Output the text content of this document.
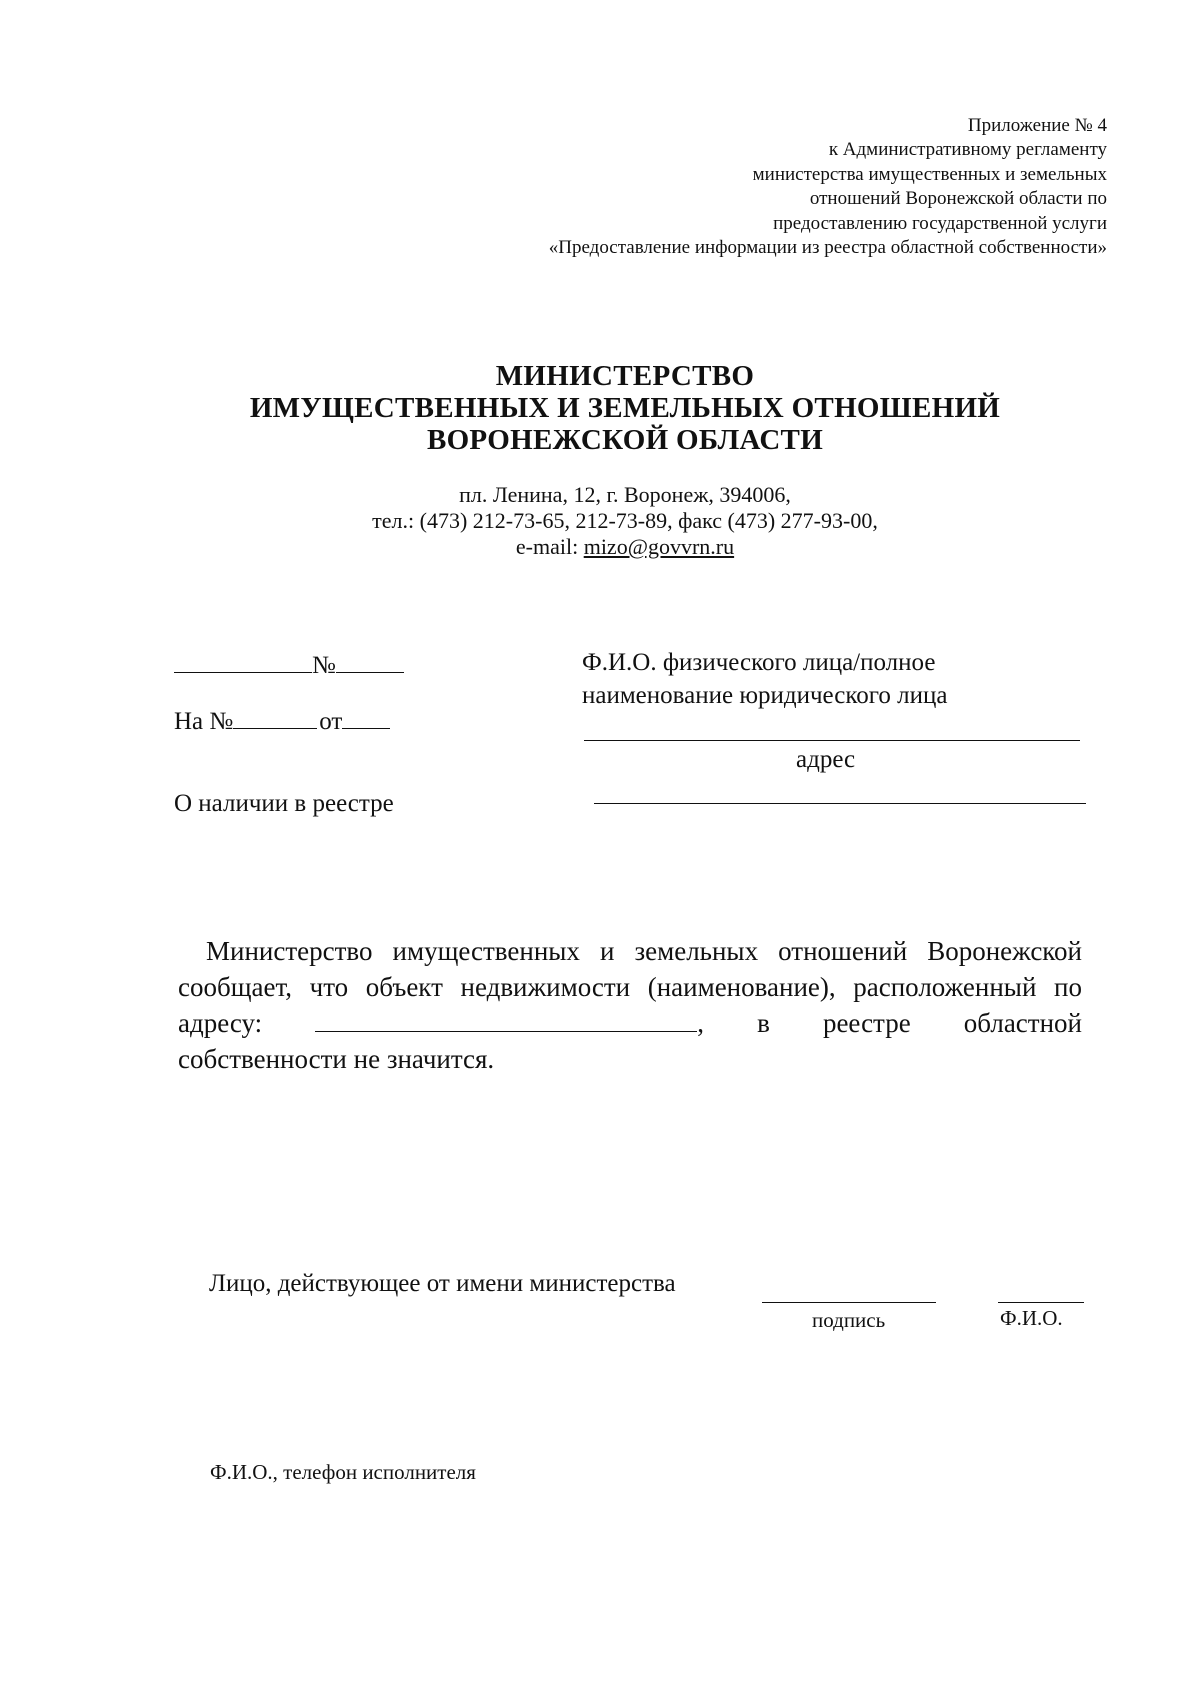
Приложение № 4
к Административному регламенту
министерства имущественных и земельных
отношений Воронежской области по
предоставлению государственной услуги
«Предоставление информации из реестра областной собственности»
МИНИСТЕРСТВО
ИМУЩЕСТВЕННЫХ И ЗЕМЕЛЬНЫХ ОТНОШЕНИЙ
ВОРОНЕЖСКОЙ ОБЛАСТИ
пл. Ленина, 12, г. Воронеж, 394006,
тел.: (473) 212-73-65, 212-73-89, факс (473) 277-93-00,
e-mail: mizo@govvrn.ru
№
На №	от
Ф.И.О. физического лица/полное
наименование юридического лица
адрес
О наличии в реестре
Министерство имущественных и земельных отношений Воронежской
сообщает, что объект недвижимости (наименование), расположенный по
адресу:	, в реестре областной
собственности не значится.
Лицо, действующее от имени министерства
подпись	Ф.И.О.
Ф.И.О., телефон исполнителя
